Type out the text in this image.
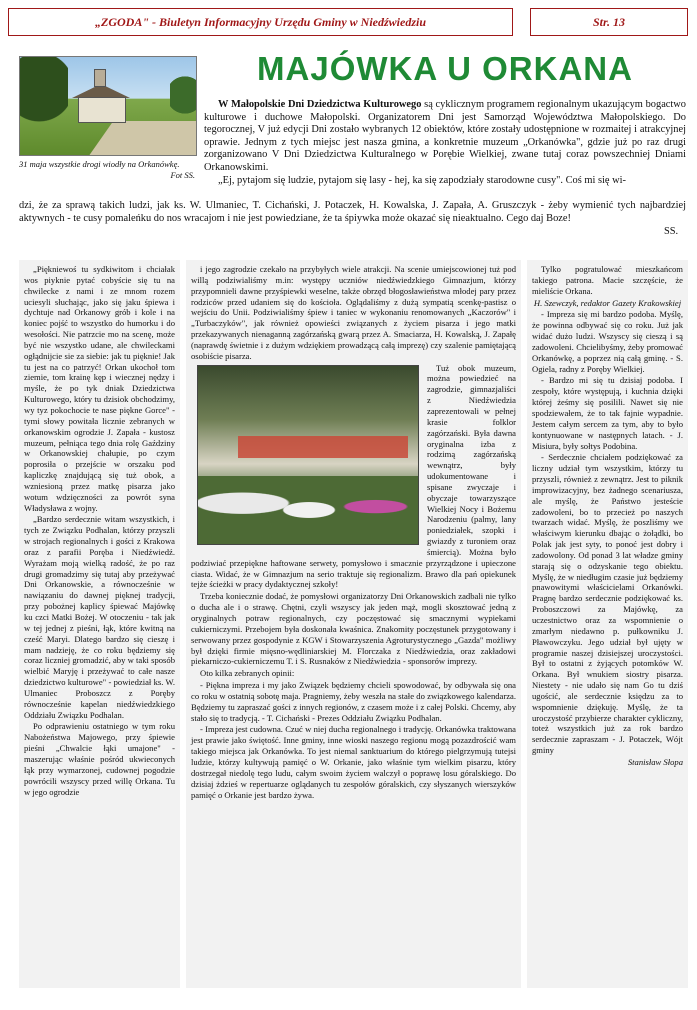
„ZGODA" - Biuletyn Informacyjny Urzędu Gminy w Niedźwiedziu	Str. 13
31 maja wszystkie drogi wiodły na Orkanówkę.
Fot SS.
MAJÓWKA U ORKANA
W Małopolskie Dni Dziedzictwa Kulturowego są cyklicznym programem regionalnym ukazującym bogactwo kulturowe i duchowe Małopolski. Organizatorem Dni jest Samorząd Województwa Małopolskiego. Do tegorocznej, V już edycji Dni zostało wybranych 12 obiektów, które zostały udostępnione w rozmaitej i atrakcyjnej oprawie. Jednym z tych miejsc jest nasza gmina, a konkretnie muzeum „Orkanówka", gdzie już po raz drugi zorganizowano V Dni Dziedzictwa Kulturalnego w Porębie Wielkiej, zwane tutaj coraz powszechniej Dniami Orkanowskimi.
„Ej, pytajom się ludzie, pytajom się lasy - hej, ka się zapodziały starodowne cusy". Coś mi się wi-
dzi, że za sprawą takich ludzi, jak ks. W. Ulmaniec, T. Cichański, J. Potaczek, H. Kowalska, J. Zapała, A. Gruszczyk - żeby wymienić tych najbardziej aktywnych - te cusy pomaleńku do nos wracajom i nie jest powiedziane, że ta śpiywka może okazać się nieaktualno. Cego daj Boze!
SS.

„Piękniewoś tu sydkiwitom i chciałak wos piyknie pytać cobyście się tu na chwilecke z nami i ze mnom rozem uciesyli słuchając, jako się jaku śpiewa i dychtuje nad Orkanowy grób i kole i na koniec pojść to wszystko do humorku i do wesołości. Nie patrzcie mo na scenę, może być nie wszystko udane, ale chwileckami ogłądnijcie sie za siebie: jak tu pięknie! Jak tu jest na co patrzyć! Orkan ukochoł tom ziemie, tom krainę kęp i wiecznej nędzy i myśle, że po tyk dniak Dziedzictwa Kulturowego, który tu dzisiok obchodzimy, wy tyz pokochocie te nase piękne Gorce" - tymi słowy powitała licznie zebranych w orkanowskim ogrodzie J. Zapała - kustosz muzeum, pełniąca tego dnia rolę Gaździny w Orkanowskiej chałupie, po czym poprosiła o przejście w orszaku pod kapliczkę znajdującą się tuż obok, a wzniesioną przez matkę pisarza jako wotum wdzięczności za powrót syna Władysława z wojny.

„Bardzo serdecznie witam wszystkich, i tych ze Związku Podhalan, którzy przyszli w strojach regionalnych i gości z Krakowa oraz z parafii Poręba i Niedźwiedź. Wyrażam moją wielką radość, że po raz drugi gromadzimy się tutaj aby przeżywać Dni Orkanowskie, a równocześnie w nawiązaniu do dawnej pięknej tradycji, przy pobożnej kaplicy śpiewać Majówkę ku czci Matki Bożej. W otoczeniu - tak jak w tej jednej z pieśni, łąk, które kwitną na cześć Maryi. Dlatego bardzo się cieszę i mam nadzieję, że co roku będziemy się coraz liczniej gromadzić, aby w taki sposób wielbić Maryję i przeżywać to całe nasze dziedzictwo kulturowe" - powiedział ks. W. Ulmaniec Proboszcz z Poręby równocześnie kapelan niedźwiedzkiego Oddziału Związku Podhalan.

Po odprawieniu ostatniego w tym roku Nabożeństwa Majowego, przy śpiewie pieśni „Chwalcie łąki umajone" - maszerując właśnie pośród ukwieconych łąk przy wymarzonej, cudownej pogodzie powrócili wszyscy przed willę Orkana. Tu w jego ogrodzie

i jego zagrodzie czekało na przybyłych wiele atrakcji. Na scenie umiejscowionej tuż pod willą podziwialiśmy m.in: występy uczniów niedźwiedzkiego Gimnazjum, którzy przypomnieli dawne przyśpiewki weselne, także obrzęd błogosławieństwa młodej pary przez rodziców przed udaniem się do kościoła. Oglądaliśmy z dużą sympatią scenkę-pastisz o wejściu do Unii. Podziwialiśmy śpiew i taniec w wykonaniu renomowanych „Kaczorów" i „Turbaczyków", jak również opowieści związanych z życiem pisarza i jego matki przekazywanych nienaganną zagórzańską gwarą przez A. Smaciarza, H. Kowalską, J. Zapałę (naprawdę świetnie i z dużym wdziękiem prowadzącą całą imprezę) czy szalenie pamiętającą osobiście pisarza.

Tuż obok muzeum, można powiedzieć na zagrodzie, gimnazjaliści z Niedźwiedzia zaprezentowali w pełnej krasie folklor zagórzański. Była dawna oryginalna izba z rodzimą zagórzańską wewnątrz, były udokumentowane i spisane zwyczaje i obyczaje towarzyszące Wielkiej Nocy i Bożemu Narodzeniu (palmy, lany poniedziałek, szopki i gwiazdy z turoniem oraz śmiercią). Można było podziwiać przepiękne haftowane serwety, pomysłowo i smacznie przyrządzone i upieczone ciasta. Widać, że w Gimnazjum na serio traktuje się regionalizm. Brawo dla pań opiekunek tejże ścieżki w pracy dydaktycznej szkoły!

Trzeba koniecznie dodać, że pomysłowi organizatorzy Dni Orkanowskich zadbali nie tylko o ducha ale i o strawę. Chętni, czyli wszyscy jak jeden mąż, mogli skosztować jedną z oryginalnych potraw regionalnych, czy poczęstować się smacznymi wypiekami cukierniczymi. Przebojem była doskonała kwaśnica. Znakomity poczęstunek przygotowany i serwowany przez gospodynie z KGW i Stowarzyszenia Agroturystycznego „Gazda" możliwy był dzięki firmie mięsno-wędliniarskiej M. Florczaka z Niedźwiedzia, oraz zakładowi piekarniczo-cukierniczemu T. i S. Rusnaków z Niedźwiedzia - sponsorów imprezy.

Oto kilka zebranych opinii:

- Piękna impreza i my jako Związek będziemy chcieli spowodować, by odbywała się ona co roku w ostatnią sobotę maja. Pragniemy, żeby weszła na stałe do związkowego kalendarza. Będziemy tu zapraszać gości z innych regionów, z czasem może i z całej Polski. Chcemy, aby stało się to tradycją. - T. Cichański - Prezes Oddziału Związku Podhalan.

- Impreza jest cudowna. Czuć w niej ducha regionalnego i tradycję. Orkanówka traktowana jest prawie jako świętość. Inne gminy, inne wioski naszego regionu mogą pozazdrościć wam takiego miejsca jak Orkanówka. To jest niemal sanktuarium do którego pielgrzymują tutejsi ludzie, którzy kultywują pamięć o W. Orkanie, jako właśnie tym wielkim pisarzu, który dostrzegał niedolę tego ludu, całym swoim życiem walczył o poprawę losu góralskiego. Do dzisiaj żdzieś w repertuarze oglądanych tu zespołów góralskich, czy słyszanych wierszyków pamięć o Orkanie jest bardzo żywa.

Tylko pogratulować mieszkańcom takiego patrona. Macie szczęście, że mieliście Orkana.

H. Szewczyk, redaktor Gazety Krakowskiej

- Impreza się mi bardzo podoba. Myślę, że powinna odbywać się co roku. Już jak widać dużo ludzi. Wszyscy się cieszą i są zadowoleni. Chcielibyśmy, żeby promować Orkanówkę, a poprzez nią całą gminę. - S. Ogiela, radny z Poręby Wielkiej.

- Bardzo mi się tu dzisiaj podoba. I zespoły, które występują, i kuchnia dzięki której żeśmy się posilili. Nawet się nie spodziewałem, że to tak fajnie wypadnie. Jestem całym sercem za tym, aby to było kontynuowane w następnych latach. - J. Misiura, były sołtys Podobina.

- Serdecznie chciałem podziękować za liczny udział tym wszystkim, którzy tu przyszli, również z zewnątrz. Jest to piknik improwizacyjny, bez żadnego scenariusza, ale myślę, że Państwo jesteście zadowoleni, bo to przecież po naszych twarzach widać. Myślę, że poszliśmy we właściwym kierunku dbając o żołądki, bo Polak jak jest syty, to ponoć jest dobry i zadowolony. Od ponad 3 lat władze gminy starają się o odzyskanie tego obiektu. Myślę, że w niedługim czasie już będziemy pnawowitymi właścicielami Orkanówki. Pragnę bardzo serdecznie podziękować ks. Proboszczowi za Majówkę, za uczestnictwo oraz za wspomnienie o zmarłym niedawno p. pułkowniku J. Pławowczyku. Jego udział był ujęty w programie naszej dzisiejszej uroczystości. Był to ostatni z żyjących potomków W. Orkana. Był wnukiem siostry pisarza. Niestety - nie udało się nam Go tu dziś ugościć, ale serdecznie księdzu za to wspomnienie dziękuję. Myślę, że ta uroczystość przybierze charakter cykliczny, toteż wszystkich już za rok bardzo serdecznie zapraszam - J. Potaczek, Wójt gminy

Stanisław Słopa
